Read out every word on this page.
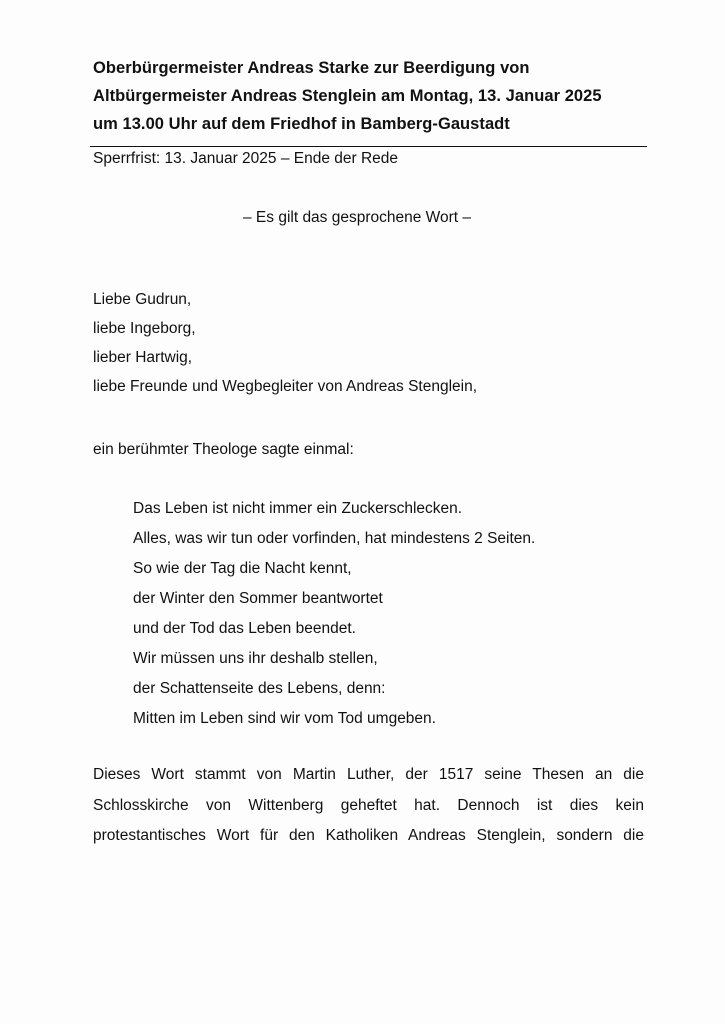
Oberbürgermeister Andreas Starke zur Beerdigung von
Altbürgermeister Andreas Stenglein am Montag, 13. Januar 2025
um 13.00 Uhr auf dem Friedhof in Bamberg-Gaustadt
Sperrfrist: 13. Januar 2025 – Ende der Rede
– Es gilt das gesprochene Wort –
Liebe Gudrun,
liebe Ingeborg,
lieber Hartwig,
liebe Freunde und Wegbegleiter von Andreas Stenglein,
ein berühmter Theologe sagte einmal:
Das Leben ist nicht immer ein Zuckerschlecken.
Alles, was wir tun oder vorfinden, hat mindestens 2 Seiten.
So wie der Tag die Nacht kennt,
der Winter den Sommer beantwortet
und der Tod das Leben beendet.
Wir müssen uns ihr deshalb stellen,
der Schattenseite des Lebens, denn:
Mitten im Leben sind wir vom Tod umgeben.
Dieses Wort stammt von Martin Luther, der 1517 seine Thesen an die
Schlosskirche von Wittenberg geheftet hat. Dennoch ist dies kein
protestantisches Wort für den Katholiken Andreas Stenglein, sondern die
